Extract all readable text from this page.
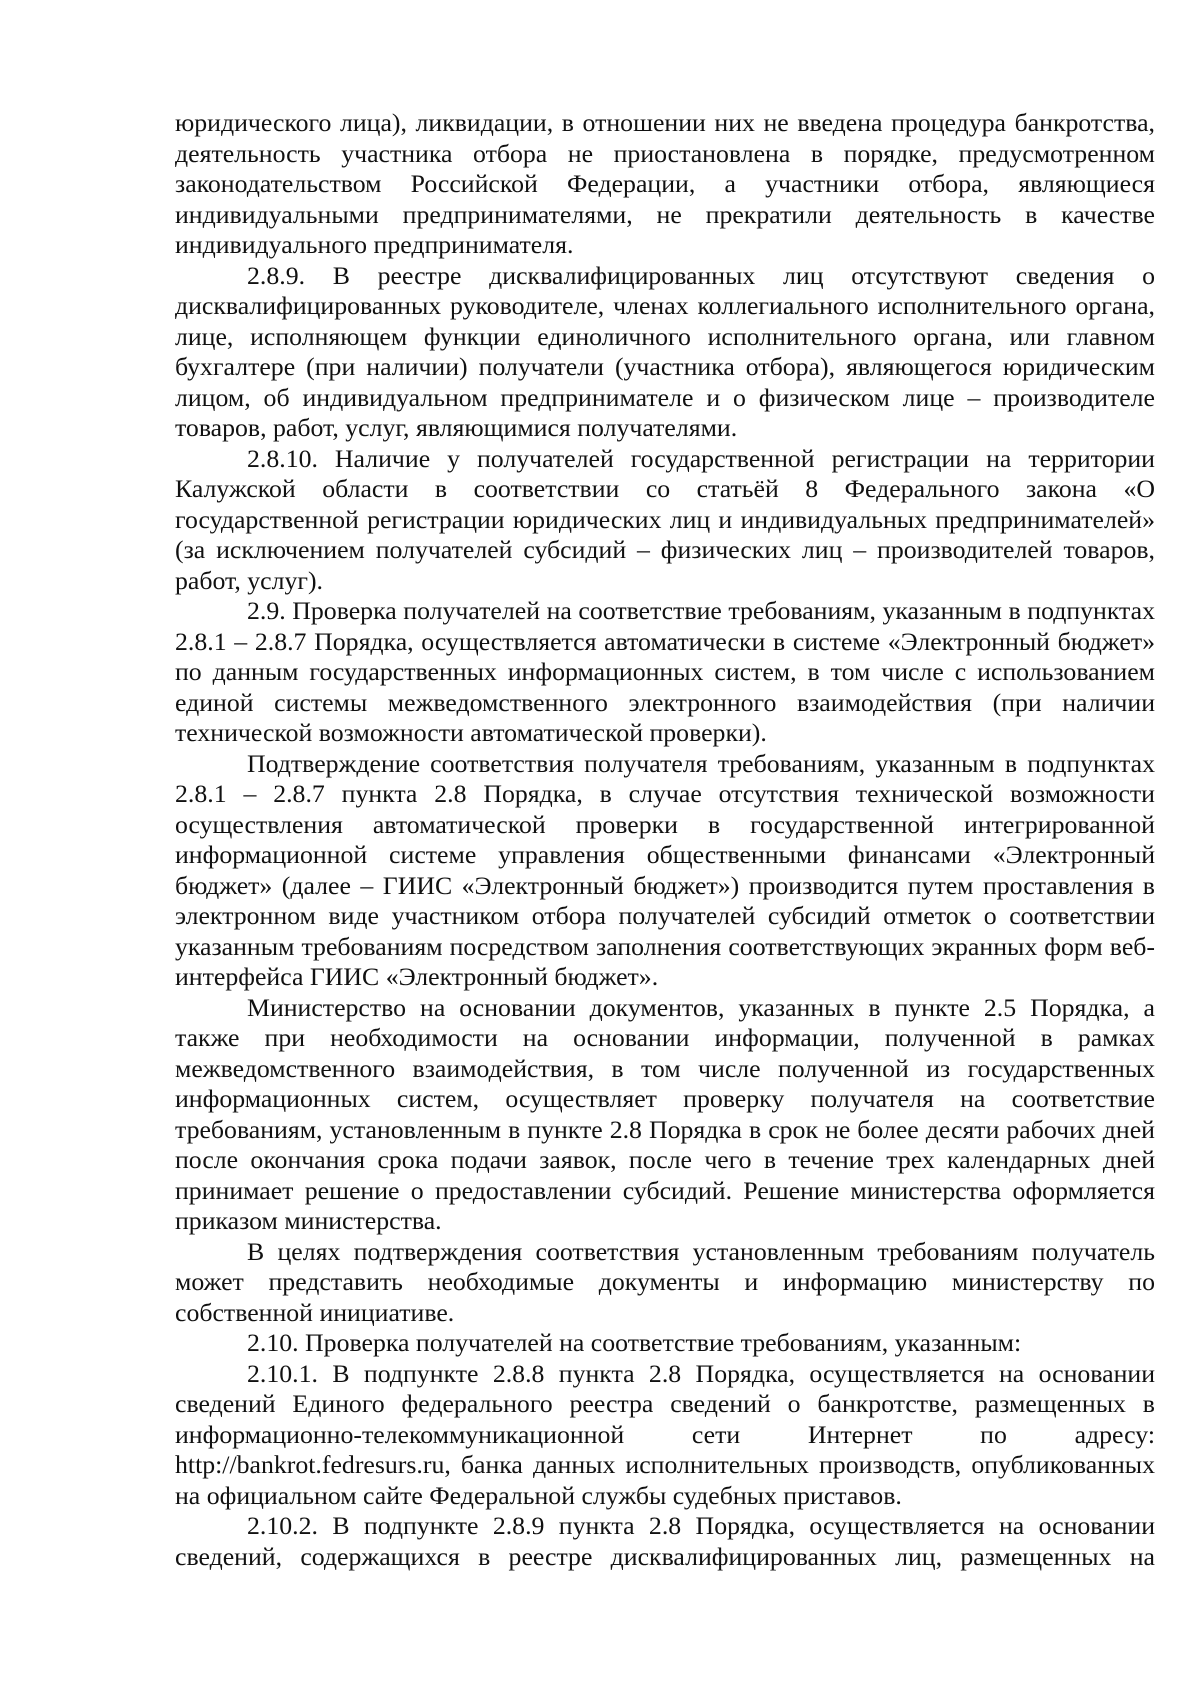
юридического лица), ликвидации, в отношении них не введена процедура банкротства, деятельность участника отбора не приостановлена в порядке, предусмотренном законодательством Российской Федерации, а участники отбора, являющиеся индивидуальными предпринимателями, не прекратили деятельность в качестве индивидуального предпринимателя.

2.8.9. В реестре дисквалифицированных лиц отсутствуют сведения о дисквалифицированных руководителе, членах коллегиального исполнительного органа, лице, исполняющем функции единоличного исполнительного органа, или главном бухгалтере (при наличии) получатели (участника отбора), являющегося юридическим лицом, об индивидуальном предпринимателе и о физическом лице – производителе товаров, работ, услуг, являющимися получателями.

2.8.10. Наличие у получателей государственной регистрации на территории Калужской области в соответствии со статьёй 8 Федерального закона «О государственной регистрации юридических лиц и индивидуальных предпринимателей» (за исключением получателей субсидий – физических лиц – производителей товаров, работ, услуг).

2.9. Проверка получателей на соответствие требованиям, указанным в подпунктах 2.8.1 – 2.8.7 Порядка, осуществляется автоматически в системе «Электронный бюджет» по данным государственных информационных систем, в том числе с использованием единой системы межведомственного электронного взаимодействия (при наличии технической возможности автоматической проверки).

Подтверждение соответствия получателя требованиям, указанным в подпунктах 2.8.1 – 2.8.7 пункта 2.8 Порядка, в случае отсутствия технической возможности осуществления автоматической проверки в государственной интегрированной информационной системе управления общественными финансами «Электронный бюджет» (далее – ГИИС «Электронный бюджет») производится путем проставления в электронном виде участником отбора получателей субсидий отметок о соответствии указанным требованиям посредством заполнения соответствующих экранных форм веб-интерфейса ГИИС «Электронный бюджет».

Министерство на основании документов, указанных в пункте 2.5 Порядка, а также при необходимости на основании информации, полученной в рамках межведомственного взаимодействия, в том числе полученной из государственных информационных систем, осуществляет проверку получателя на соответствие требованиям, установленным в пункте 2.8 Порядка в срок не более десяти рабочих дней после окончания срока подачи заявок, после чего в течение трех календарных дней принимает решение о предоставлении субсидий. Решение министерства оформляется приказом министерства.

В целях подтверждения соответствия установленным требованиям получатель может представить необходимые документы и информацию министерству по собственной инициативе.

2.10. Проверка получателей на соответствие требованиям, указанным:

2.10.1. В подпункте 2.8.8 пункта 2.8 Порядка, осуществляется на основании сведений Единого федерального реестра сведений о банкротстве, размещенных в информационно-телекоммуникационной сети Интернет по адресу: http://bankrot.fedresurs.ru, банка данных исполнительных производств, опубликованных на официальном сайте Федеральной службы судебных приставов.

2.10.2. В подпункте 2.8.9 пункта 2.8 Порядка, осуществляется на основании сведений, содержащихся в реестре дисквалифицированных лиц, размещенных на
